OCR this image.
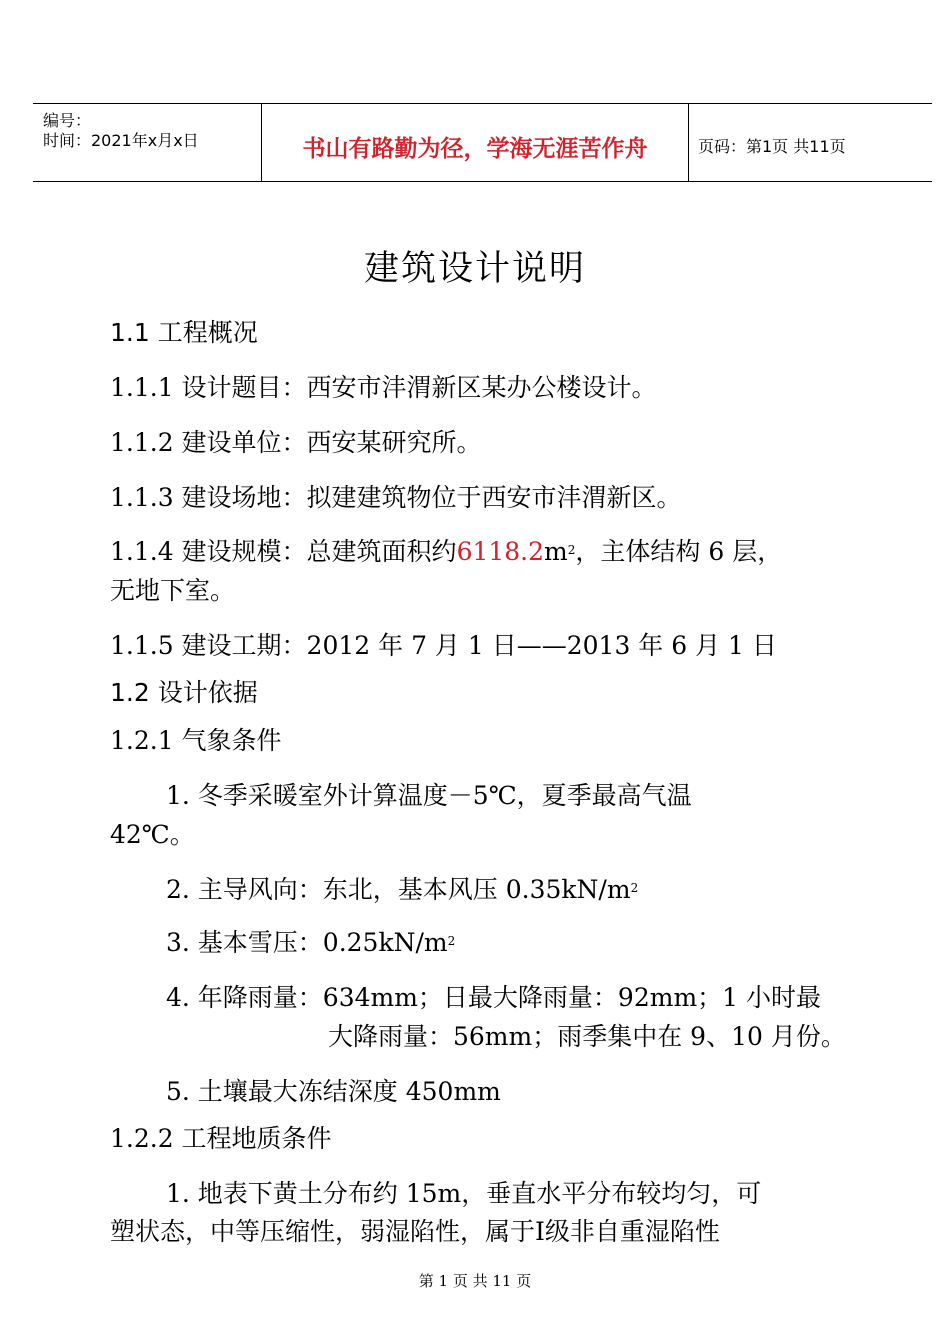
编号：
时间：2021年x月x日	书山有路勤为径，学海无涯苦作舟	页码：第1页 共11页
建筑设计说明
1.1 工程概况
1.1.1 设计题目：西安市沣渭新区某办公楼设计。
1.1.2 建设单位：西安某研究所。
1.1.3 建设场地：拟建建筑物位于西安市沣渭新区。
1.1.4 建设规模：总建筑面积约$6118.2m^2$，主体结构 6 层，
无地下室。
1.1.5 建设工期：2012 年 7 月 1 日——2013 年 6 月 1 日
1.2 设计依据
1.2.1 气象条件
1. 冬季采暖室外计算温度－5℃，夏季最高气温
42℃。
2. 主导风向：东北，基本风压 $0.35kN/m^2$
3. 基本雪压：$0.25kN/m^2$
4. 年降雨量：634mm；日最大降雨量：92mm；1 小时最
大降雨量：56mm；雨季集中在 9、10 月份。
5. 土壤最大冻结深度 450mm
1.2.2 工程地质条件
1. 地表下黄土分布约 15m，垂直水平分布较均匀，可
塑状态，中等压缩性，弱湿陷性，属于Ⅰ级非自重湿陷性
第 1 页 共 11 页
